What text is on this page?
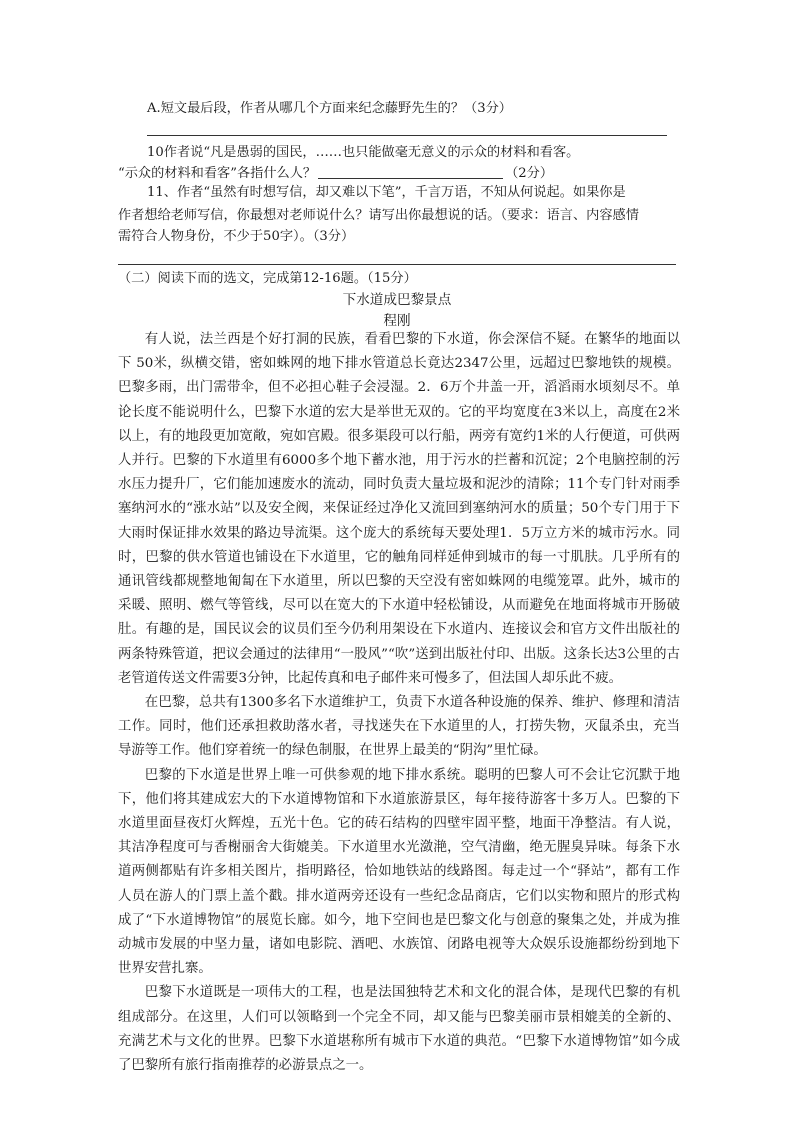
A.短文最后段，作者从哪几个方面来纪念藤野先生的？（3分）
10作者说“凡是愚弱的国民，……也只能做毫无意义的示众的材料和看客。
“示众的材料和看客”各指什么人？	（2分）
11、作者“虽然有时想写信，却又难以下笔”，千言万语，不知从何说起。如果你是
作者想给老师写信，你最想对老师说什么？请写出你最想说的话。（要求：语言、内容感情
需符合人物身份，不少于50字）。（3分）
（二）阅读下而的选文，完成第12-16题。（15分）
下水道成巴黎景点
程刚

有人说，法兰西是个好打洞的民族，看看巴黎的下水道，你会深信不疑。在繁华的地面以下 50米，纵横交错，密如蛛网的地下排水管道总长竟达2347公里，远超过巴黎地铁的规模。巴黎多雨，出门需带伞，但不必担心鞋子会浸湿。2．6万个井盖一开，滔滔雨水顷刻尽不。单论长度不能说明什么，巴黎下水道的宏大是举世无双的。它的平均宽度在3米以上，高度在2米以上，有的地段更加宽敞，宛如宫殿。很多渠段可以行船，两旁有宽约1米的人行便道，可供两人并行。巴黎的下水道里有6000多个地下蓄水池，用于污水的拦蓄和沉淀；2个电脑控制的污水压力提升厂，它们能加速废水的流动，同时负责大量垃圾和泥沙的清除；11个专门针对雨季塞纳河水的“涨水站”以及安全阀，来保证经过净化又流回到塞纳河水的质量；50个专门用于下大雨时保证排水效果的路边导流渠。这个庞大的系统每天要处理1．5万立方米的城市污水。同时，巴黎的供水管道也铺设在下水道里，它的触角同样延伸到城市的每一寸肌肤。几乎所有的通讯管线都规整地匍匐在下水道里，所以巴黎的天空没有密如蛛网的电缆笼罩。此外，城市的采暖、照明、燃气等管线，尽可以在宽大的下水道中轻松铺设，从而避免在地面将城市开肠破肚。有趣的是，国民议会的议员们至今仍利用架设在下水道内、连接议会和官方文件出版社的两条特殊管道，把议会通过的法律用“一股风”“吹”送到出版社付印、出版。这条长达3公里的古老管道传送文件需要3分钟，比起传真和电子邮件来可慢多了，但法国人却乐此不疲。

在巴黎，总共有1300多名下水道维护工，负责下水道各种设施的保养、维护、修理和清洁工作。同时，他们还承担救助落水者，寻找迷失在下水道里的人，打捞失物，灭鼠杀虫，充当导游等工作。他们穿着统一的绿色制服，在世界上最美的“阴沟”里忙碌。

巴黎的下水道是世界上唯一可供参观的地下排水系统。聪明的巴黎人可不会让它沉默于地下，他们将其建成宏大的下水道博物馆和下水道旅游景区，每年接待游客十多万人。巴黎的下水道里面昼夜灯火辉煌，五光十色。它的砖石结构的四壁牢固平整，地面干净整洁。有人说，其洁净程度可与香榭丽舍大街媲美。下水道里水光潋滟，空气清幽，绝无腥臭异味。每条下水道两侧都贴有许多相关图片，指明路径，恰如地铁站的线路图。每走过一个“驿站”，都有工作人员在游人的门票上盖个戳。排水道两旁还设有一些纪念品商店，它们以实物和照片的形式构成了“下水道博物馆”的展览长廊。如今，地下空间也是巴黎文化与创意的聚集之处，并成为推动城市发展的中坚力量，诸如电影院、酒吧、水族馆、闭路电视等大众娱乐设施都纷纷到地下世界安营扎寨。

巴黎下水道既是一项伟大的工程，也是法国独特艺术和文化的混合体，是现代巴黎的有机组成部分。在这里，人们可以领略到一个完全不同，却又能与巴黎美丽市景相媲美的全新的、充满艺术与文化的世界。巴黎下水道堪称所有城市下水道的典范。“巴黎下水道博物馆”如今成了巴黎所有旅行指南推荐的必游景点之一。
